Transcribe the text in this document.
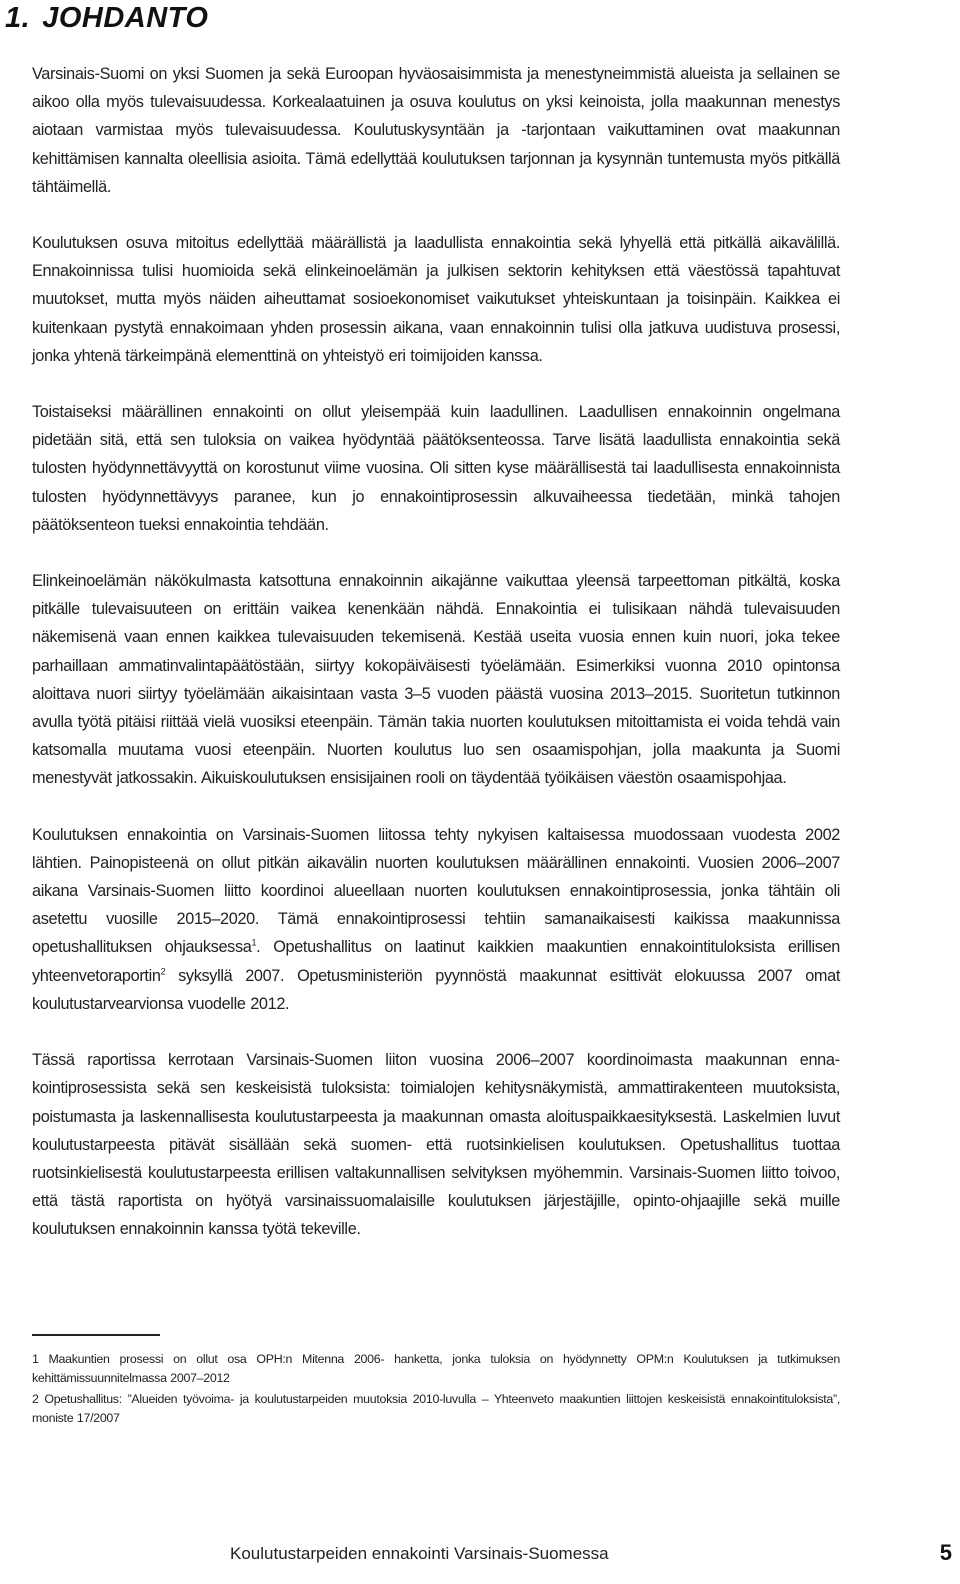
1. JOHDANTO

Varsinais-Suomi on yksi Suomen ja sekä Euroopan hyväosaisimmista ja menestyneimmistä alueista ja sellainen se aikoo olla myös tulevaisuudessa. Korkealaatuinen ja osuva koulutus on yksi keinoista, jolla maakunnan menestys aiotaan varmistaa myös tulevaisuudessa. Koulutuskysyntään ja -tarjontaan vaikuttaminen ovat maakunnan kehittämisen kannalta oleellisia asioita. Tämä edellyttää koulutuksen tarjonnan ja kysynnän tuntemusta myös pitkällä tähtäimellä.

Koulutuksen osuva mitoitus edellyttää määrällistä ja laadullista ennakointia sekä lyhyellä että pitkällä aikavälillä. Ennakoinnissa tulisi huomioida sekä elinkeinoelämän ja julkisen sektorin kehityksen että väestössä tapahtuvat muutokset, mutta myös näiden aiheuttamat sosioekonomiset vaikutukset yhteiskuntaan ja toisinpäin. Kaikkea ei kuitenkaan pystytä ennakoimaan yhden prosessin aikana, vaan ennakoinnin tulisi olla jatkuva uudistuva prosessi, jonka yhtenä tärkeimpänä elementtinä on yhteistyö eri toimijoiden kanssa.

Toistaiseksi määrällinen ennakointi on ollut yleisempää kuin laadullinen. Laadullisen ennakoinnin ongelmana pidetään sitä, että sen tuloksia on vaikea hyödyntää päätöksenteossa. Tarve lisätä laadullista ennakointia sekä tulosten hyödynnettävyyttä on korostunut viime vuosina. Oli sitten kyse määrällisestä tai laadullisesta ennakoinnista tulosten hyödynnettävyys paranee, kun jo ennakointiprosessin alkuvaiheessa tiedetään, minkä tahojen päätöksenteon tueksi ennakointia tehdään.

Elinkeinoelämän näkökulmasta katsottuna ennakoinnin aikajänne vaikuttaa yleensä tarpeettoman pitkältä, koska pitkälle tulevaisuuteen on erittäin vaikea kenenkään nähdä. Ennakointia ei tulisikaan nähdä tulevaisuuden näkemisenä vaan ennen kaikkea tulevaisuuden tekemisenä. Kestää useita vuosia ennen kuin nuori, joka tekee parhaillaan ammatinvalintapäätöstään, siirtyy kokopäiväisesti työelämään. Esimerkiksi vuonna 2010 opintonsa aloittava nuori siirtyy työelämään aikaisintaan vasta 3–5 vuoden päästä vuosina 2013–2015. Suoritetun tutkinnon avulla työtä pitäisi riittää vielä vuosiksi eteenpäin. Tämän takia nuorten koulutuksen mitoittamista ei voida tehdä vain katsomalla muutama vuosi eteenpäin. Nuorten koulutus luo sen osaamispohjan, jolla maakunta ja Suomi menestyvät jatkossakin. Aikuiskoulutuksen ensisijainen rooli on täydentää työikäisen väestön osaamispohjaa.

Koulutuksen ennakointia on Varsinais-Suomen liitossa tehty nykyisen kaltaisessa muodossaan vuodesta 2002 lähtien. Painopisteenä on ollut pitkän aikavälin nuorten koulutuksen määrällinen ennakointi. Vuosien 2006–2007 aikana Varsinais-Suomen liitto koordinoi alueellaan nuorten koulutuksen ennakointiprosessia, jonka tähtäin oli asetettu vuosille 2015–2020. Tämä ennakointiprosessi tehtiin samanaikaisesti kaikissa maakunnissa opetushallituksen ohjauksessa$^1$. Opetushallitus on laatinut kaikkien maakuntien ennakointituloksista erillisen yhteenvetoraportin$^2$ syksyllä 2007. Opetusministeriön pyynnöstä maakunnat esittivät elokuussa 2007 omat koulutustarvearvionsa vuodelle 2012.

Tässä raportissa kerrotaan Varsinais-Suomen liiton vuosina 2006–2007 koordinoimasta maakunnan ennakointiprosessista sekä sen keskeisistä tuloksista: toimialojen kehitysnäkymistä, ammattirakenteen muutoksista, poistumasta ja laskennallisesta koulutustarpeesta ja maakunnan omasta aloituspaikkaesityksestä. Laskelmien luvut koulutustarpeesta pitävät sisällään sekä suomen- että ruotsinkielisen koulutuksen. Opetushallitus tuottaa ruotsinkielisestä koulutustarpeesta erillisen valtakunnallisen selvityksen myöhemmin. Varsinais-Suomen liitto toivoo, että tästä raportista on hyötyä varsinaissuomalaisille koulutuksen järjestäjille, opinto-ohjaajille sekä muille koulutuksen ennakoinnin kanssa työtä tekeville.

1 Maakuntien prosessi on ollut osa OPH:n Mitenna 2006- hanketta, jonka tuloksia on hyödynnetty OPM:n Koulutuksen ja tutkimuksen kehittämissuunnitelmassa 2007–2012

2 Opetushallitus: ”Alueiden työvoima- ja koulutustarpeiden muutoksia 2010-luvulla – Yhteenveto maakuntien liittojen keskeisistä ennakointituloksista”, moniste 17/2007

Koulutustarpeiden ennakointi Varsinais-Suomessa	5
